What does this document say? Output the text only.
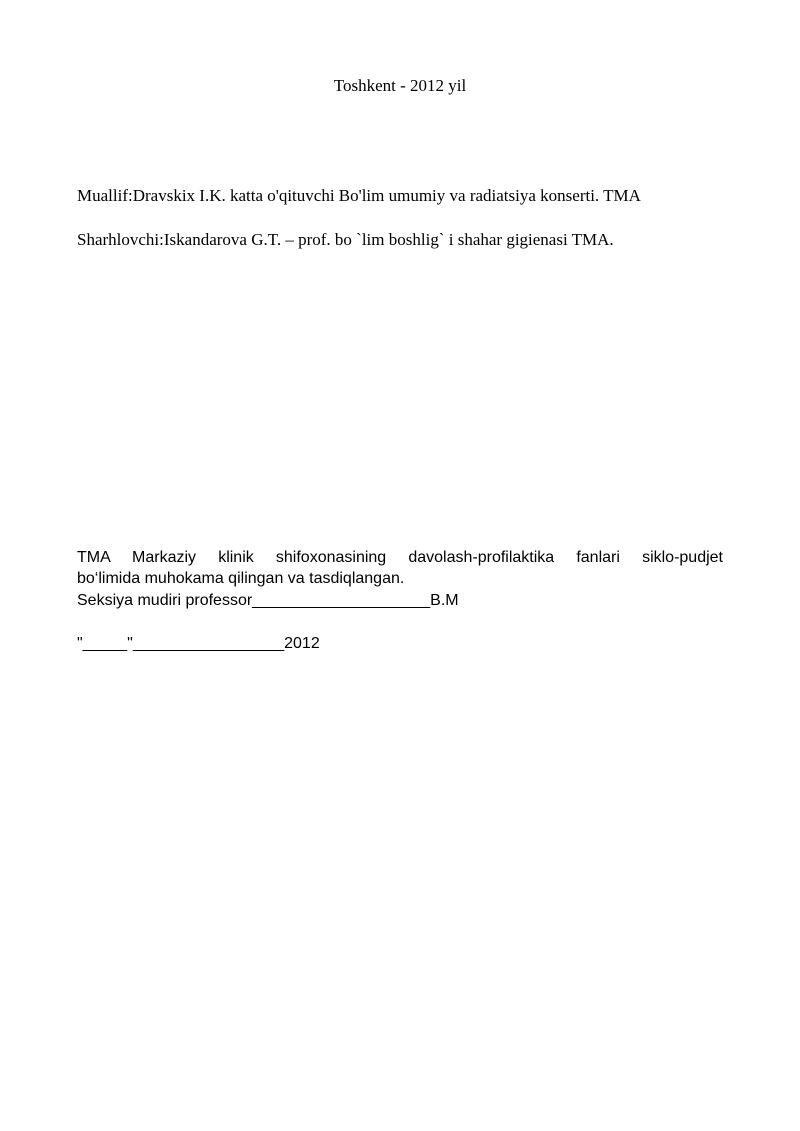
Toshkent - 2012 yil

Muallif:Dravskix I.K. katta o'qituvchi Bo'lim umumiy va radiatsiya konserti. TMA

Sharhlovchi:Iskandarova G.T. – prof. bo `lim boshlig` i shahar gigienasi TMA.

TMA Markaziy klinik shifoxonasining davolash-profilaktika fanlari siklo-pudjet
bo‘limida muhokama qilingan va tasdiqlangan.

Seksiya mudiri professor____________________B.M

"_____"_________________2012
